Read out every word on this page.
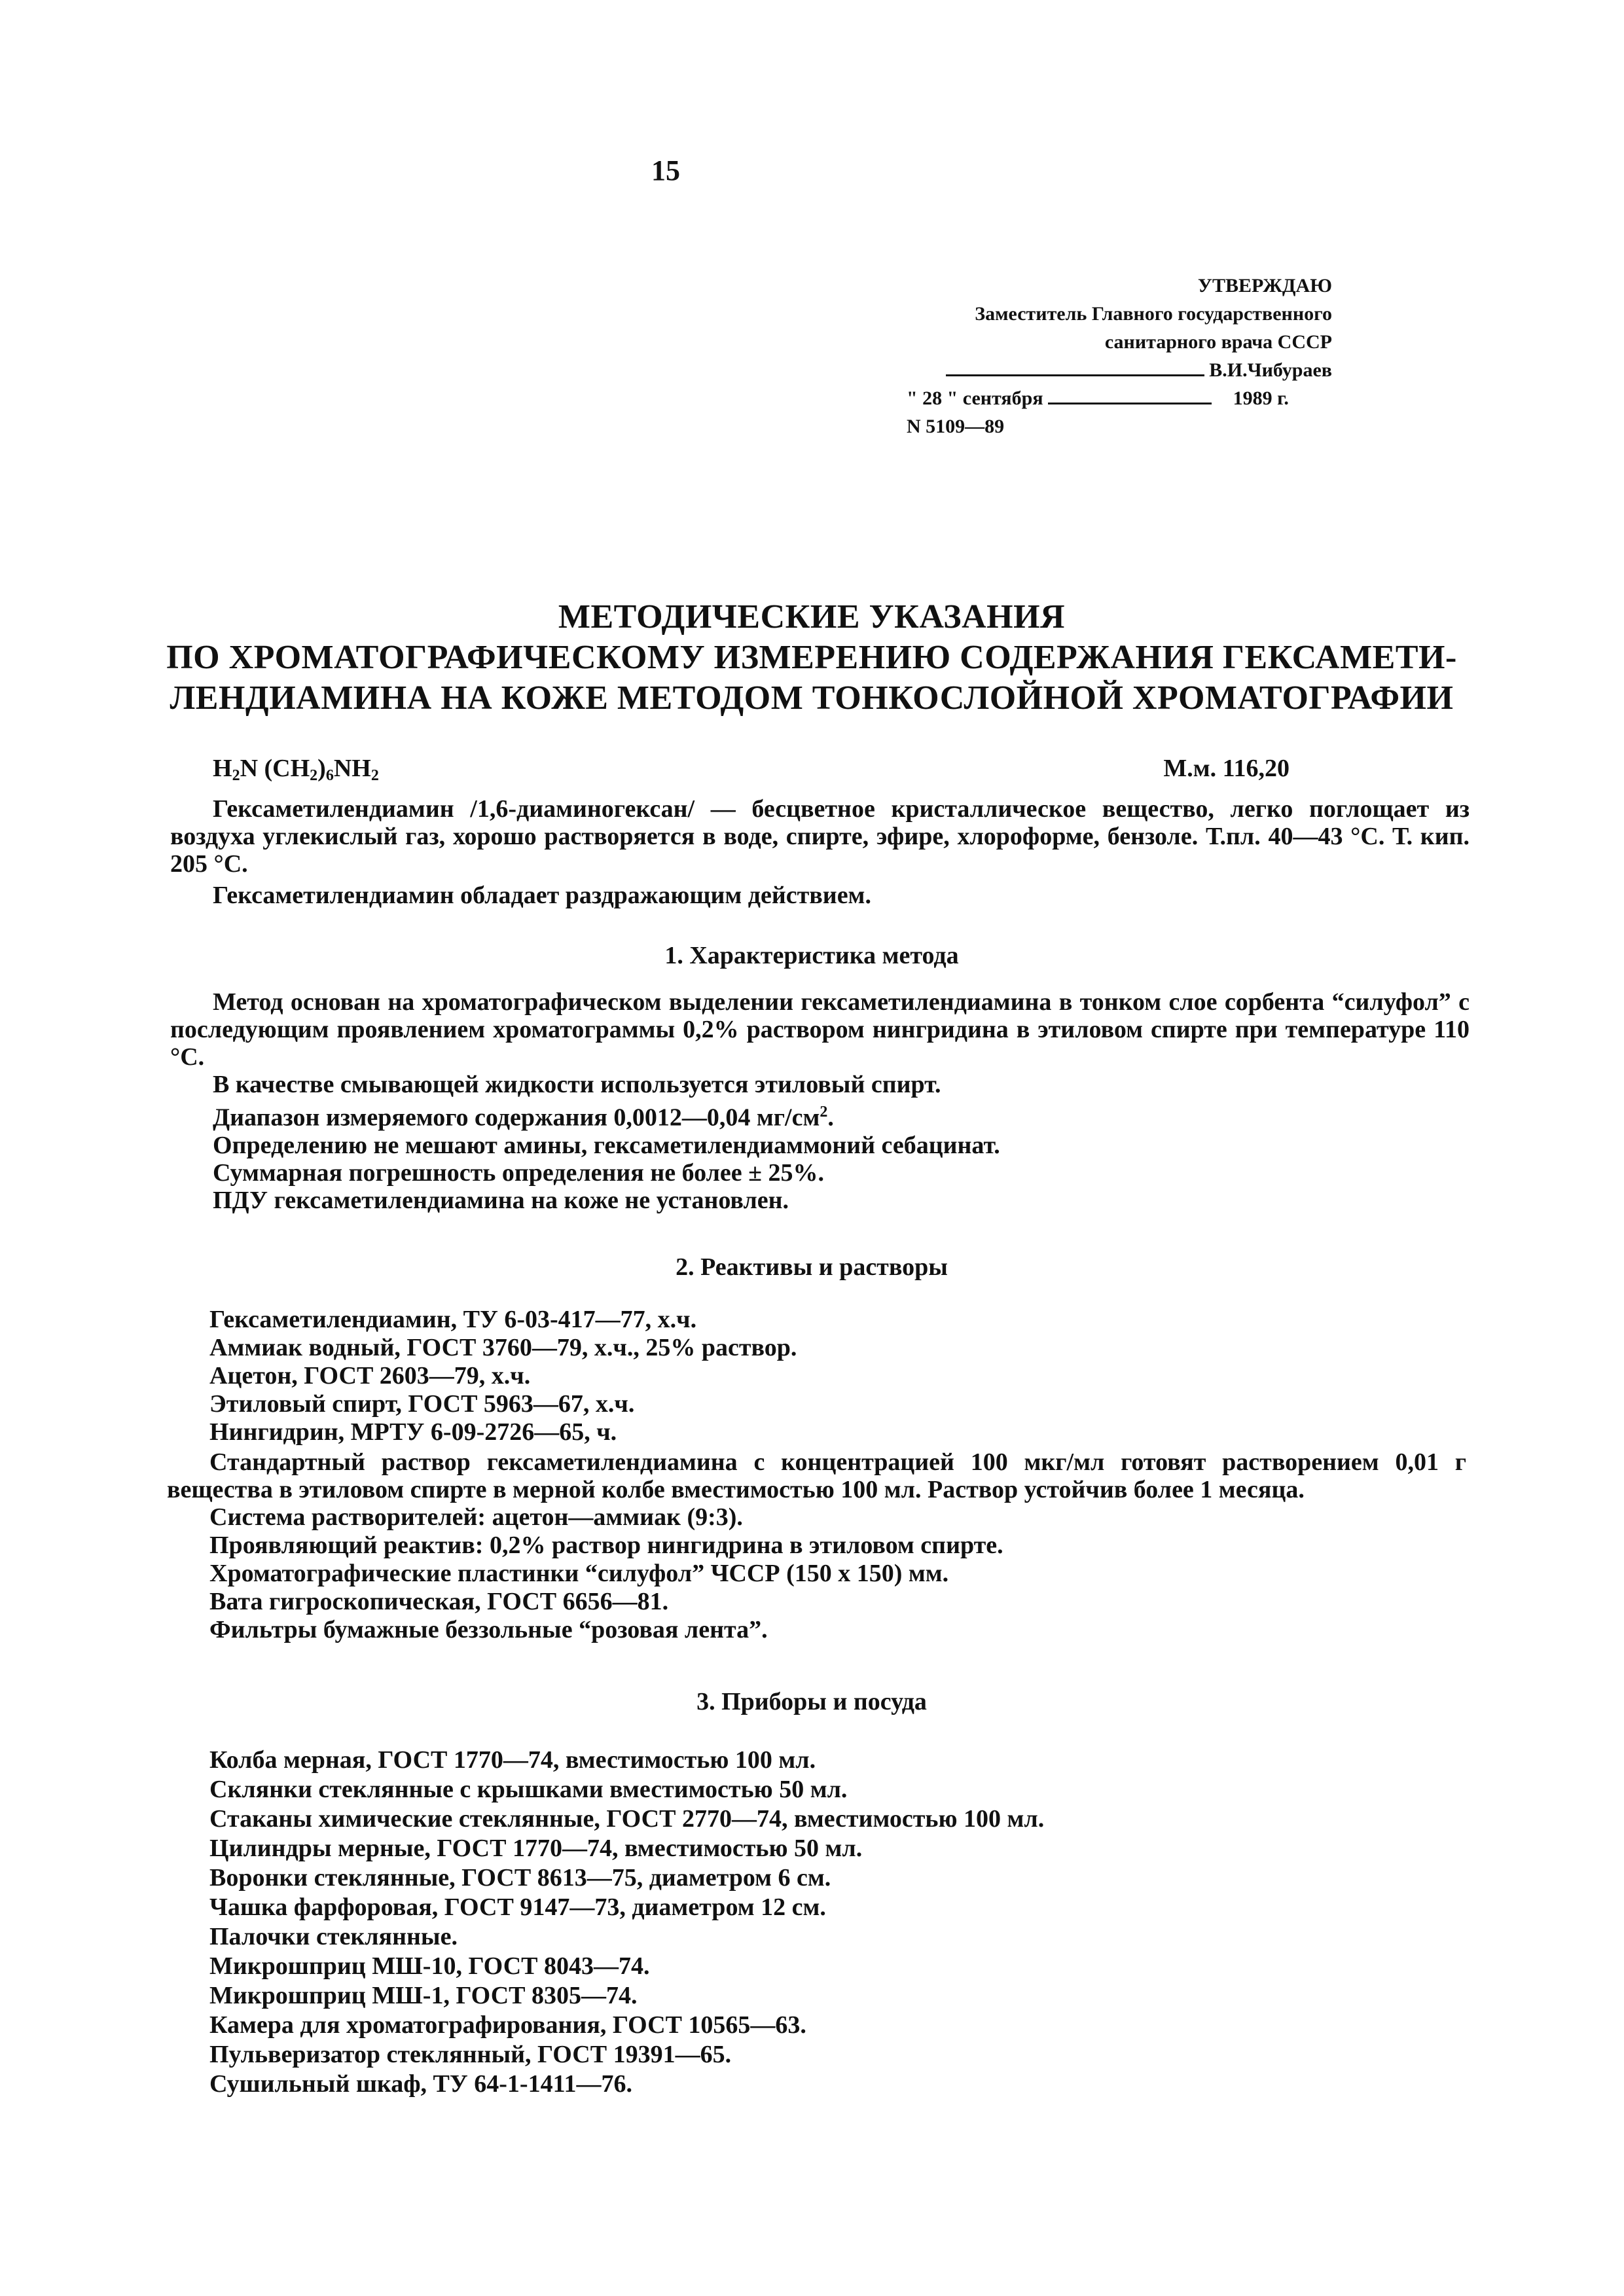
15
УТВЕРЖДАЮ
Заместитель Главного государственного
санитарного врача СССР
В.И.Чибураев
" 28 " сентября	1989 г.
N 5109—89
МЕТОДИЧЕСКИЕ УКАЗАНИЯ
ПО ХРОМАТОГРАФИЧЕСКОМУ ИЗМЕРЕНИЮ СОДЕРЖАНИЯ ГЕКСАМЕТИ-
ЛЕНДИАМИНА НА КОЖЕ МЕТОДОМ ТОНКОСЛОЙНОЙ ХРОМАТОГРАФИИ
$H_2N$ $(CH_2)_6NH_2$	М.м. 116,20

Гексаметилендиамин /1,6-диаминогексан/ — бесцветное кристаллическое вещество, легко поглощает из воздуха углекислый газ, хорошо растворяется в воде, спирте, эфире, хлороформе, бензоле. Т.пл. 40—43 °С. Т. кип. 205 °С.

Гексаметилендиамин обладает раздражающим действием.

1. Характеристика метода

Метод основан на хроматографическом выделении гексаметилендиамина в тонком слое сорбента “силуфол” с последующим проявлением хроматограммы 0,2% раствором нингридина в этиловом спирте при температуре 110 °С.

В качестве смывающей жидкости используется этиловый спирт.

Диапазон измеряемого содержания 0,0012—0,04 $мг/см^2$.

Определению не мешают амины, гексаметилендиаммоний себацинат.

Суммарная погрешность определения не более ± 25%.

ПДУ гексаметилендиамина на коже не установлен.

2. Реактивы и растворы
Гексаметилендиамин, ТУ 6-03-417—77, х.ч.
Аммиак водный, ГОСТ 3760—79, х.ч., 25% раствор.
Ацетон, ГОСТ 2603—79, х.ч.
Этиловый спирт, ГОСТ 5963—67, х.ч.
Нингидрин, МРТУ 6-09-2726—65, ч.

Стандартный раствор гексаметилендиамина с концентрацией 100 мкг/мл готовят растворением 0,01 г вещества в этиловом спирте в мерной колбе вместимостью 100 мл. Раствор устойчив более 1 месяца.

Система растворителей: ацетон—аммиак (9:3).
Проявляющий реактив: 0,2% раствор нингидрина в этиловом спирте.
Хроматографические пластинки “силуфол” ЧССР (150 х 150) мм.
Вата гигроскопическая, ГОСТ 6656—81.
Фильтры бумажные беззольные “розовая лента”.
3. Приборы и посуда
Колба мерная, ГОСТ 1770—74, вместимостью 100 мл.
Склянки стеклянные с крышками вместимостью 50 мл.
Стаканы химические стеклянные, ГОСТ 2770—74, вместимостью 100 мл.
Цилиндры мерные, ГОСТ 1770—74, вместимостью 50 мл.
Воронки стеклянные, ГОСТ 8613—75, диаметром 6 см.
Чашка фарфоровая, ГОСТ 9147—73, диаметром 12 см.
Палочки стеклянные.
Микрошприц МШ-10, ГОСТ 8043—74.
Микрошприц МШ-1, ГОСТ 8305—74.
Камера для хроматографирования, ГОСТ 10565—63.
Пульверизатор стеклянный, ГОСТ 19391—65.
Сушильный шкаф, ТУ 64-1-1411—76.
